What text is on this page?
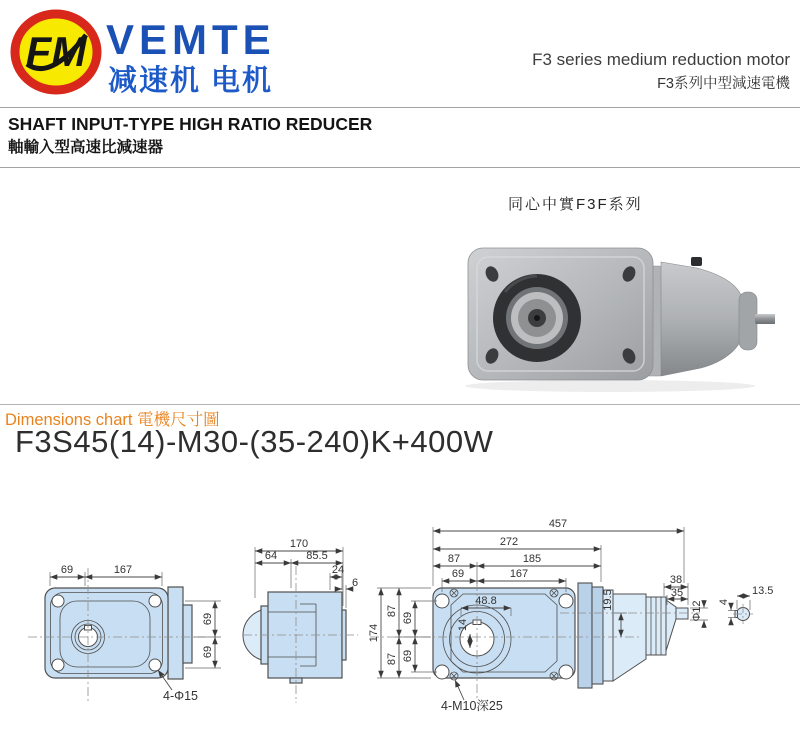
FM VEMTE
减速机 电机
F3 series medium reduction motor
F3系列中型減速電機
SHAFT INPUT-TYPE HIGH RATIO REDUCER
軸輸入型高速比減速器
同心中實F3F系列
Dimensions chart 電機尺寸圖
F3S45(14)-M30-(35-240)K+400W
69	167
69
69
4-Φ15
170
64	85.5
24
6
457
272
87	185
69	167
174
87
87
69
69
48.8
14
19.5
38
35
Φ12
4-M10深25
13.5
4
